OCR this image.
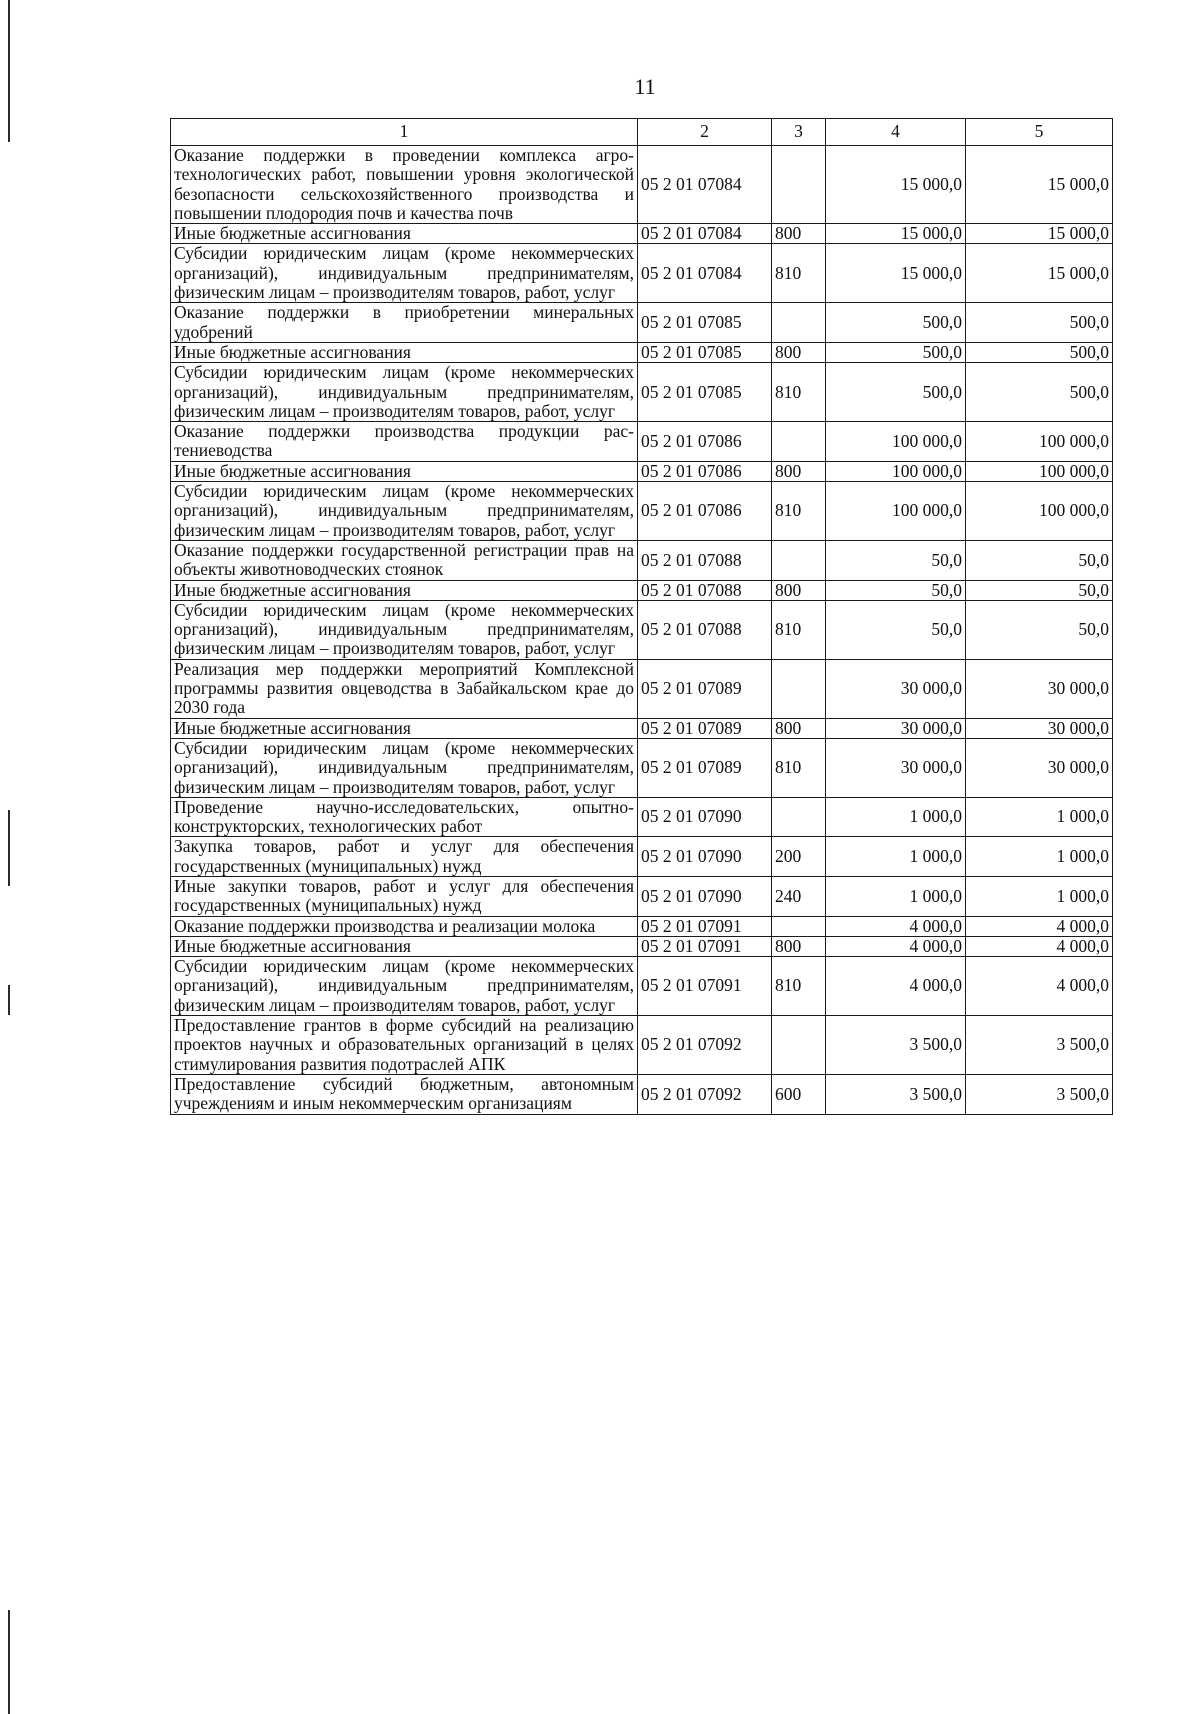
11
1	2	3	4	5
Оказание поддержки в проведении комплекса агротехнологических работ, повышении уровня экологической безопасности сельскохозяйственного производства и повышении плодородия почв и качества почв	05 2 01 07084		15 000,0	15 000,0
Иные бюджетные ассигнования	05 2 01 07084	800	15 000,0	15 000,0
Субсидии юридическим лицам (кроме некоммерческих организаций), индивидуальным предпринимателям, физическим лицам – производителям товаров, работ, услуг	05 2 01 07084	810	15 000,0	15 000,0
Оказание поддержки в приобретении минеральных удобрений	05 2 01 07085		500,0	500,0
Иные бюджетные ассигнования	05 2 01 07085	800	500,0	500,0
Субсидии юридическим лицам (кроме некоммерческих организаций), индивидуальным предпринимателям, физическим лицам – производителям товаров, работ, услуг	05 2 01 07085	810	500,0	500,0
Оказание поддержки производства продукции растениеводства	05 2 01 07086		100 000,0	100 000,0
Иные бюджетные ассигнования	05 2 01 07086	800	100 000,0	100 000,0
Субсидии юридическим лицам (кроме некоммерческих организаций), индивидуальным предпринимателям, физическим лицам – производителям товаров, работ, услуг	05 2 01 07086	810	100 000,0	100 000,0
Оказание поддержки государственной регистрации прав на объекты животноводческих стоянок	05 2 01 07088		50,0	50,0
Иные бюджетные ассигнования	05 2 01 07088	800	50,0	50,0
Субсидии юридическим лицам (кроме некоммерческих организаций), индивидуальным предпринимателям, физическим лицам – производителям товаров, работ, услуг	05 2 01 07088	810	50,0	50,0
Реализация мер поддержки мероприятий Комплексной программы развития овцеводства в Забайкальском крае до 2030 года	05 2 01 07089		30 000,0	30 000,0
Иные бюджетные ассигнования	05 2 01 07089	800	30 000,0	30 000,0
Субсидии юридическим лицам (кроме некоммерческих организаций), индивидуальным предпринимателям, физическим лицам – производителям товаров, работ, услуг	05 2 01 07089	810	30 000,0	30 000,0
Проведение научно-исследовательских, опытно-конструкторских, технологических работ	05 2 01 07090		1 000,0	1 000,0
Закупка товаров, работ и услуг для обеспечения государственных (муниципальных) нужд	05 2 01 07090	200	1 000,0	1 000,0
Иные закупки товаров, работ и услуг для обеспечения государственных (муниципальных) нужд	05 2 01 07090	240	1 000,0	1 000,0
Оказание поддержки производства и реализации молока	05 2 01 07091		4 000,0	4 000,0
Иные бюджетные ассигнования	05 2 01 07091	800	4 000,0	4 000,0
Субсидии юридическим лицам (кроме некоммерческих организаций), индивидуальным предпринимателям, физическим лицам – производителям товаров, работ, услуг	05 2 01 07091	810	4 000,0	4 000,0
Предоставление грантов в форме субсидий на реализацию проектов научных и образовательных организаций в целях стимулирования развития подотраслей АПК	05 2 01 07092		3 500,0	3 500,0
Предоставление субсидий бюджетным, автономным учреждениям и иным некоммерческим организациям	05 2 01 07092	600	3 500,0	3 500,0
